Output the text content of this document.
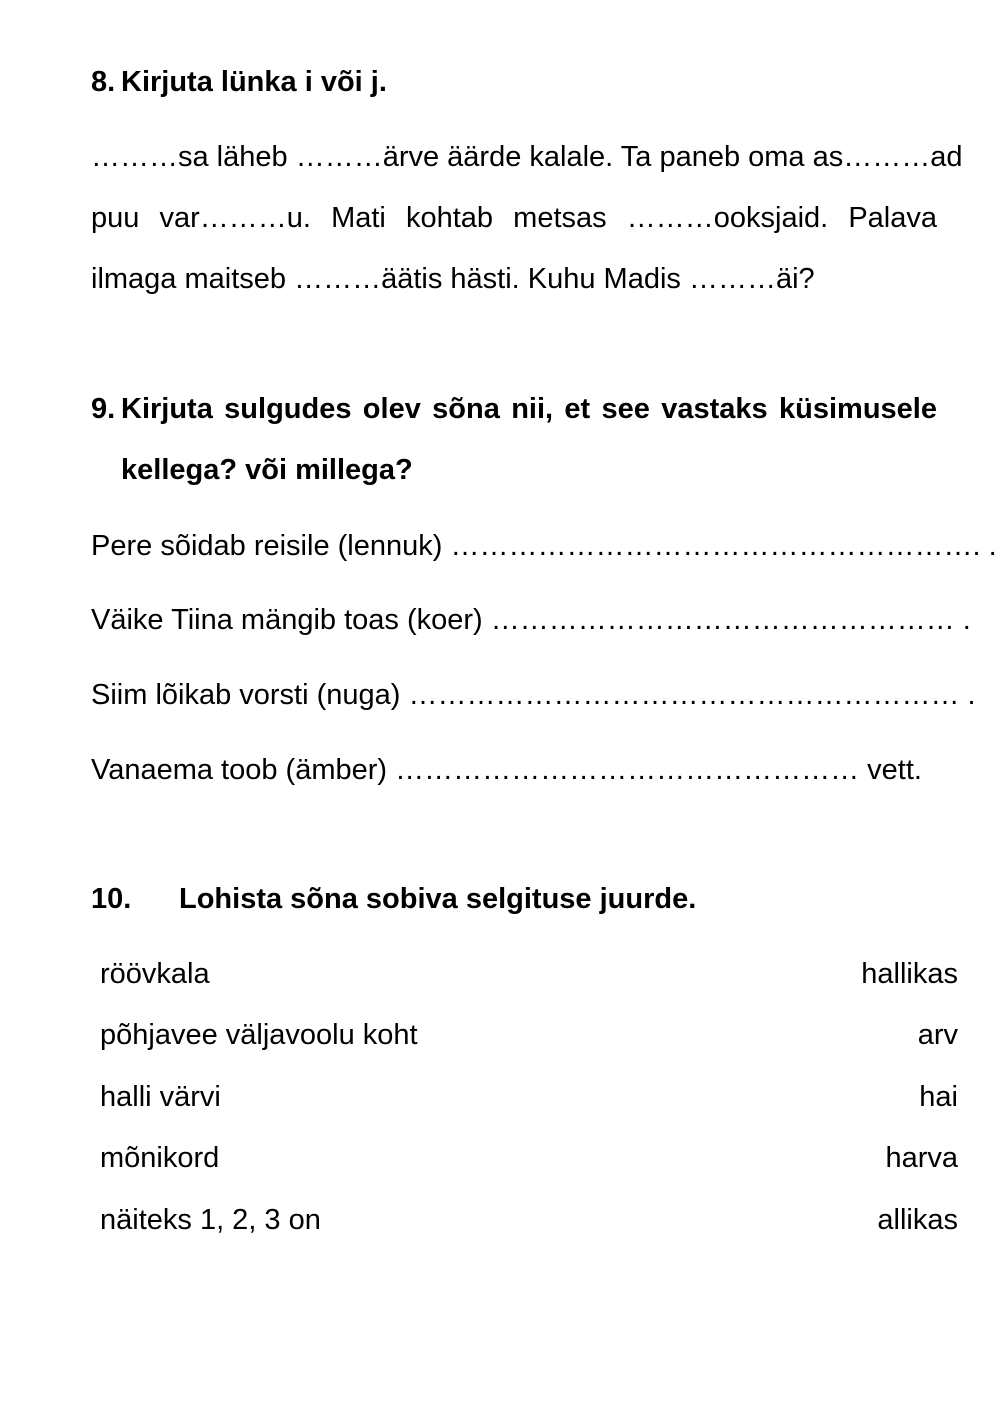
8. Kirjuta lünka i või j.
………sa läheb ………ärve äärde kalale. Ta paneb oma as………ad
puu var………u. Mati kohtab metsas ………ooksjaid. Palava
ilmaga maitseb ………äätis hästi. Kuhu Madis ………äi?
9. Kirjuta sulgudes olev sõna nii, et see vastaks küsimusele
kellega? või millega?
Pere sõidab reisile (lennuk) ………………………………………………. .
Väike Tiina mängib toas (koer) ………………………………………… .
Siim lõikab vorsti (nuga) ………………………………………………… .
Vanaema toob (ämber) ………………………………………… vett.
10. Lohista sõna sobiva selgituse juurde.
röövkala
põhjavee väljavoolu koht
halli värvi
mõnikord
näiteks 1, 2, 3 on
hallikas
arv
hai
harva
allikas
